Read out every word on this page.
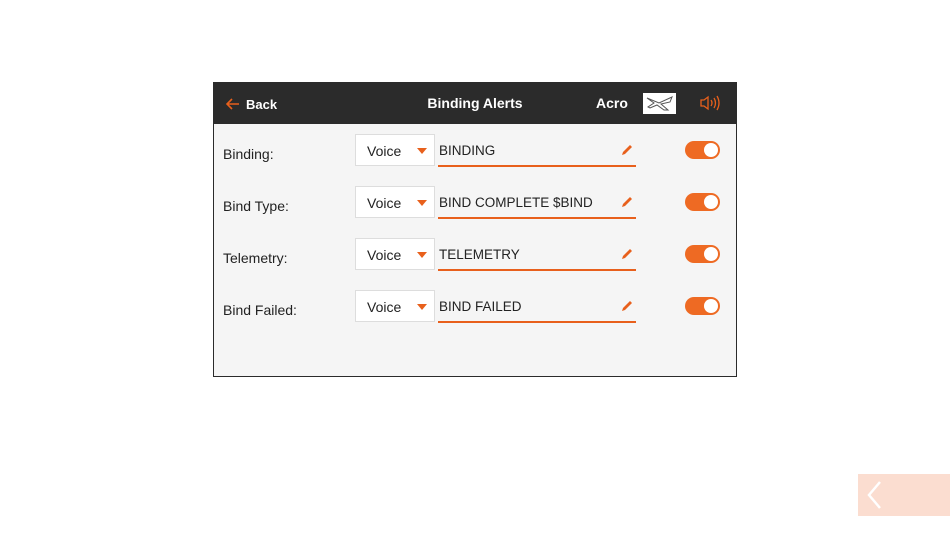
Back	Binding Alerts	Acro
Binding:	Voice	BINDING
Bind Type:	Voice	BIND COMPLETE $BIND
Telemetry:	Voice	TELEMETRY
Bind Failed:	Voice	BIND FAILED
